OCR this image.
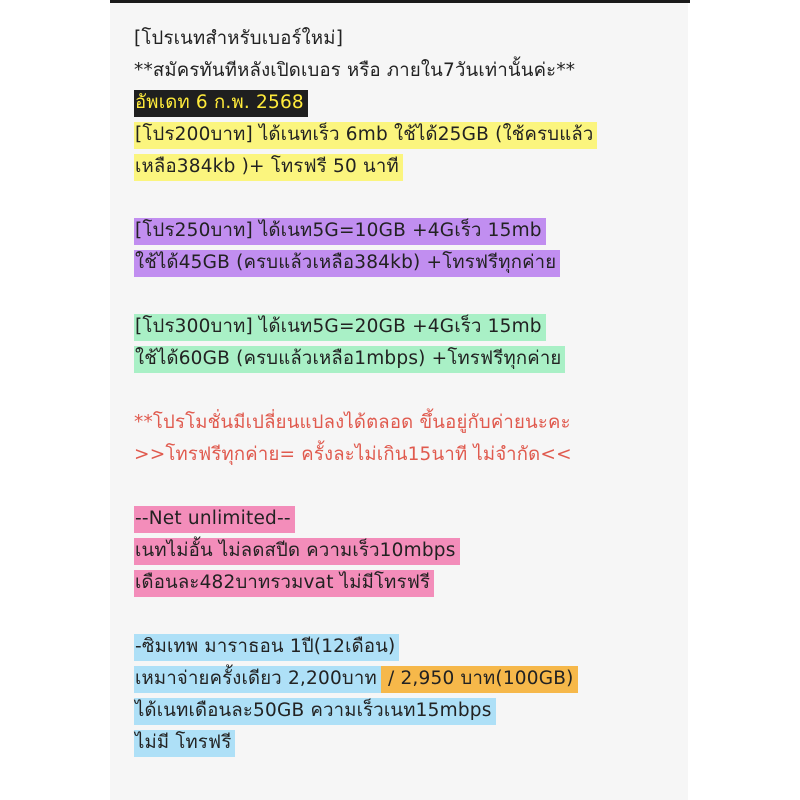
[โปรเนทสำหรับเบอร์ใหม่]
**สมัครทันทีหลังเปิดเบอร หรือ ภายใน7วันเท่านั้นค่ะ**
อัพเดท 6 ก.พ. 2568
[โปร200บาท] ได้เนทเร็ว 6mb ใช้ได้25GB (ใช้ครบแล้ว
เหลือ384kb )+ โทรฟรี 50 นาที
[โปร250บาท] ได้เนท5G=10GB +4Gเร็ว 15mb
ใช้ได้45GB (ครบแล้วเหลือ384kb) +โทรฟรีทุกค่าย
[โปร300บาท] ได้เนท5G=20GB +4Gเร็ว 15mb
ใช้ได้60GB (ครบแล้วเหลือ1mbps) +โทรฟรีทุกค่าย
**โปรโมชั่นมีเปลี่ยนแปลงได้ตลอด ขึ้นอยู่กับค่ายนะคะ
>>โทรฟรีทุกค่าย= ครั้งละไม่เกิน15นาที ไม่จำกัด<<
--Net unlimited--
เนทไม่อั้น ไม่ลดสปีด ความเร็ว10mbps
เดือนละ482บาทรวมvat ไม่มีโทรฟรี
-ซิมเทพ มาราธอน 1ปี(12เดือน)
เหมาจ่ายครั้งเดียว 2,200บาท / 2,950 บาท(100GB)
ได้เนทเดือนละ50GB ความเร็วเนท15mbps
ไม่มี โทรฟรี
